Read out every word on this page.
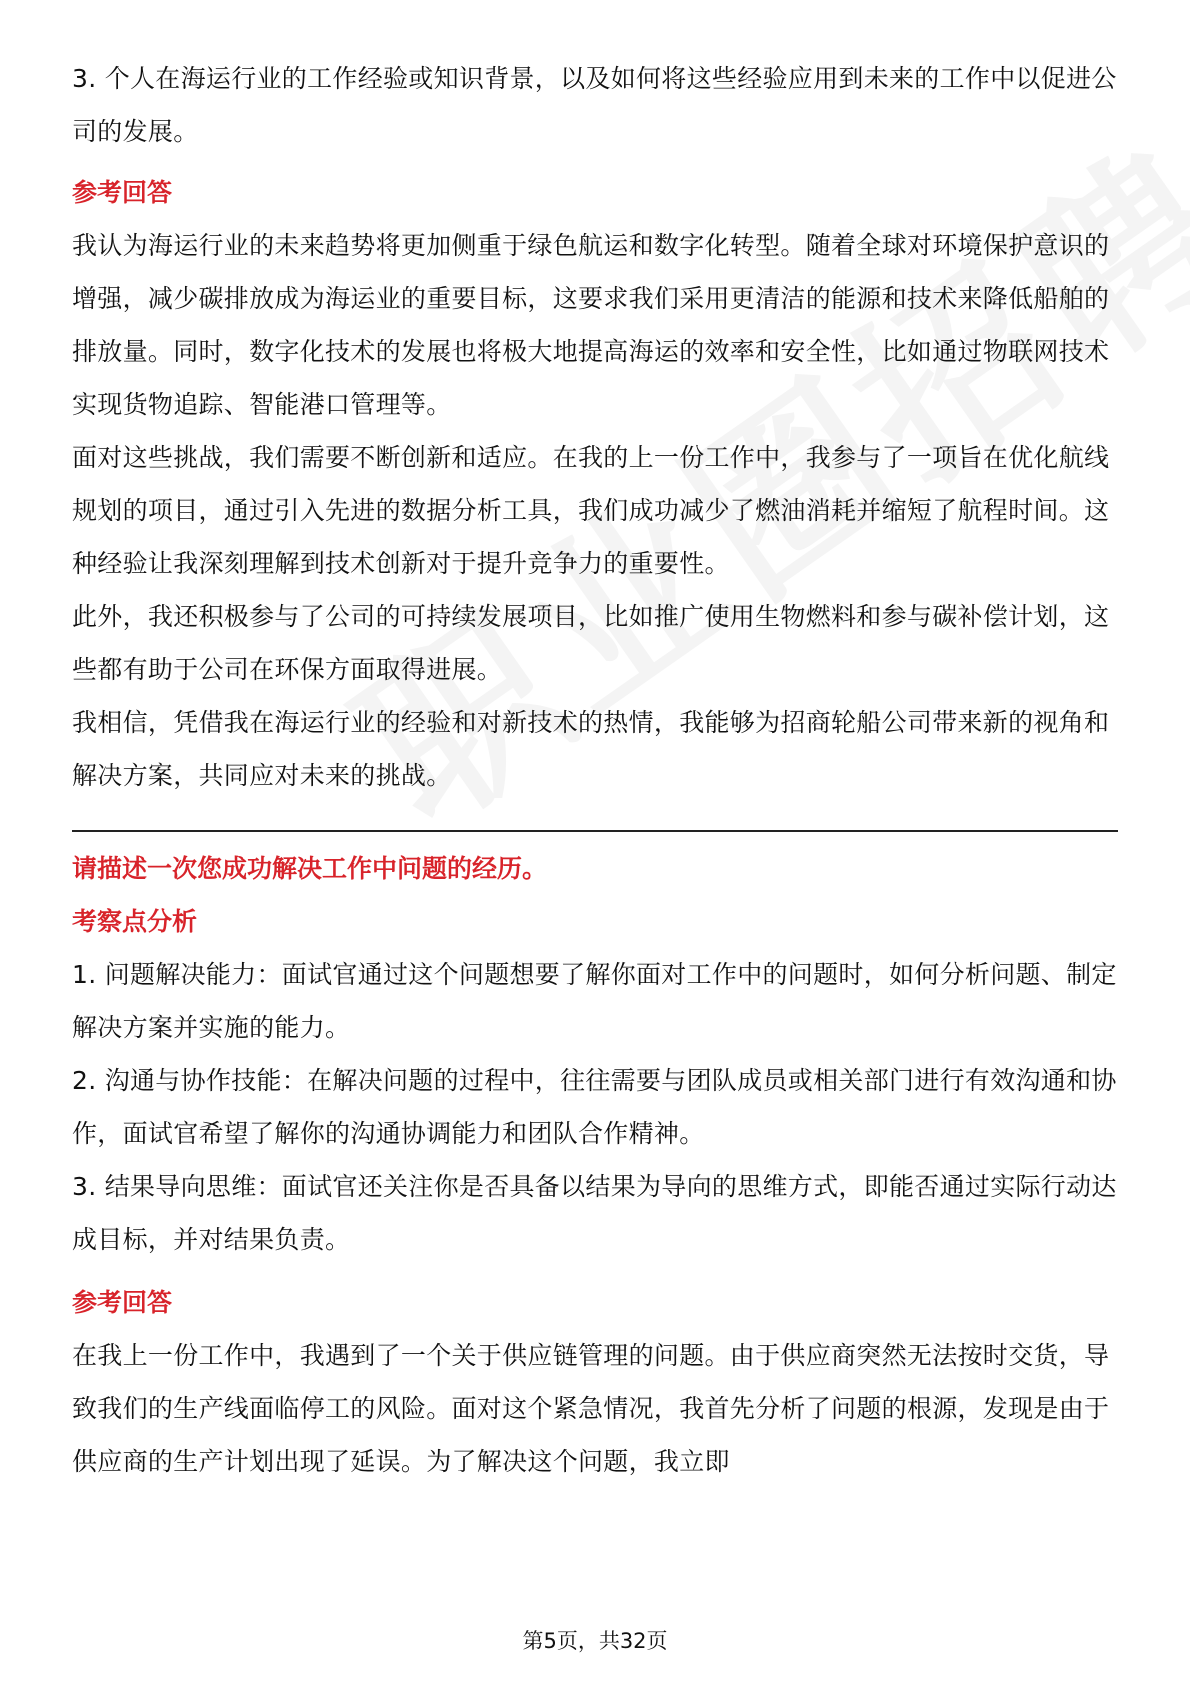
3. 个人在海运行业的工作经验或知识背景，以及如何将这些经验应用到未来的工作中以促进公司的发展。

参考回答

我认为海运行业的未来趋势将更加侧重于绿色航运和数字化转型。随着全球对环境保护意识的增强，减少碳排放成为海运业的重要目标，这要求我们采用更清洁的能源和技术来降低船舶的排放量。同时，数字化技术的发展也将极大地提高海运的效率和安全性，比如通过物联网技术实现货物追踪、智能港口管理等。

面对这些挑战，我们需要不断创新和适应。在我的上一份工作中，我参与了一项旨在优化航线规划的项目，通过引入先进的数据分析工具，我们成功减少了燃油消耗并缩短了航程时间。这种经验让我深刻理解到技术创新对于提升竞争力的重要性。

此外，我还积极参与了公司的可持续发展项目，比如推广使用生物燃料和参与碳补偿计划，这些都有助于公司在环保方面取得进展。

我相信，凭借我在海运行业的经验和对新技术的热情，我能够为招商轮船公司带来新的视角和解决方案，共同应对未来的挑战。

请描述一次您成功解决工作中问题的经历。
考察点分析

1. 问题解决能力：面试官通过这个问题想要了解你面对工作中的问题时，如何分析问题、制定解决方案并实施的能力。

2. 沟通与协作技能：在解决问题的过程中，往往需要与团队成员或相关部门进行有效沟通和协作，面试官希望了解你的沟通协调能力和团队合作精神。

3. 结果导向思维：面试官还关注你是否具备以结果为导向的思维方式，即能否通过实际行动达成目标，并对结果负责。

参考回答

在我上一份工作中，我遇到了一个关于供应链管理的问题。由于供应商突然无法按时交货，导致我们的生产线面临停工的风险。面对这个紧急情况，我首先分析了问题的根源，发现是由于供应商的生产计划出现了延误。为了解决这个问题，我立即

第5页，共32页
